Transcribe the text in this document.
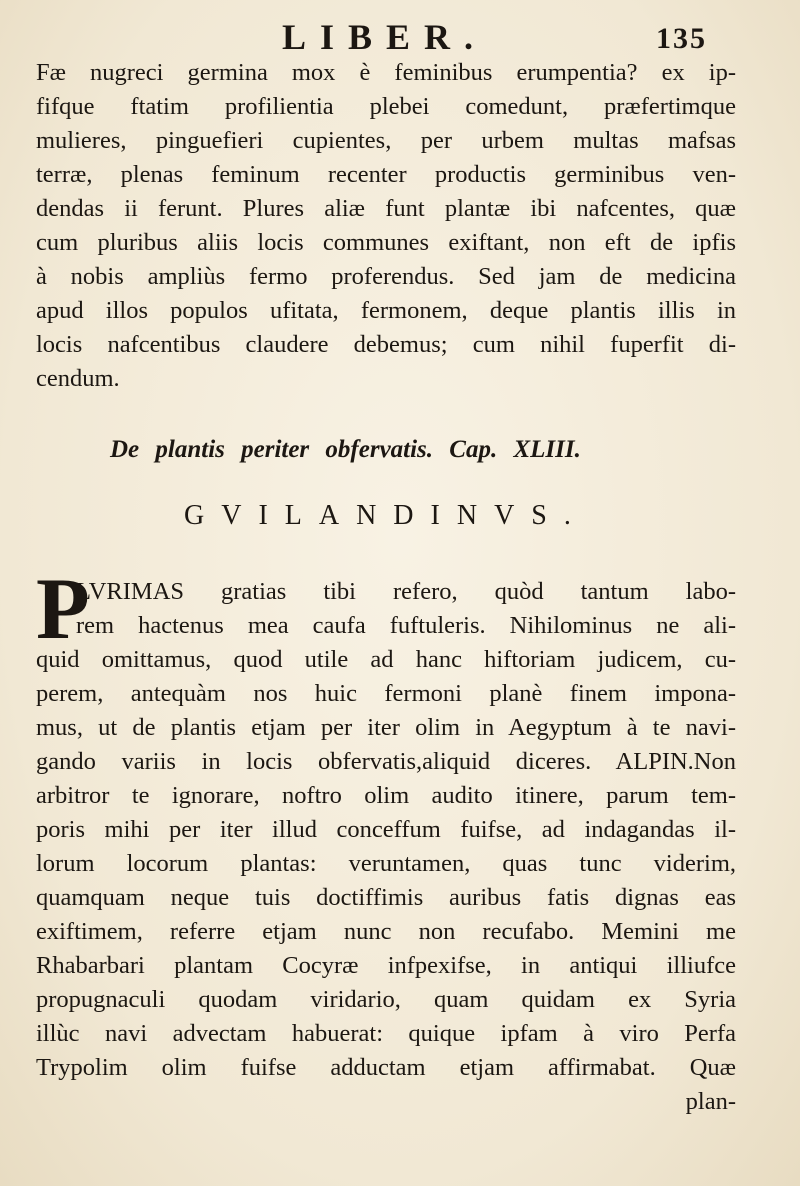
LIBER.	135
Fæ nugreci germina mox è feminibus erumpentia? ex ip-
fifque ftatim profilientia plebei comedunt, præfertimque
mulieres, pinguefieri cupientes, per urbem multas mafsas
terræ, plenas feminum recenter productis germinibus ven-
dendas ii ferunt. Plures aliæ funt plantæ ibi nafcentes, quæ
cum pluribus aliis locis communes exiftant, non eft de ipfis
à nobis ampliùs fermo proferendus. Sed jam de medicina
apud illos populos ufitata, fermonem, deque plantis illis in
locis nafcentibus claudere debemus; cum nihil fuperfit di-
cendum.
De plantis periter obfervatis. Cap. XLIII.
GVILANDINVS.
P
LVRIMAS gratias tibi refero, quòd tantum labo-
rem hactenus mea caufa fuftuleris. Nihilominus ne ali-
quid omittamus, quod utile ad hanc hiftoriam judicem, cu-
perem, antequàm nos huic fermoni planè finem impona-
mus, ut de plantis etjam per iter olim in Aegyptum à te navi-
gando variis in locis obfervatis,aliquid diceres. ALPIN.Non
arbitror te ignorare, noftro olim audito itinere, parum tem-
poris mihi per iter illud conceffum fuifse, ad indagandas il-
lorum locorum plantas: veruntamen, quas tunc viderim,
quamquam neque tuis doctiffimis auribus fatis dignas eas
exiftimem, referre etjam nunc non recufabo. Memini me
Rhabarbari plantam Cocyræ infpexifse, in antiqui illiufce
propugnaculi quodam viridario, quam quidam ex Syria
illùc navi advectam habuerat: quique ipfam à viro Perfa
Trypolim olim fuifse adductam etjam affirmabat. Quæ
plan-
